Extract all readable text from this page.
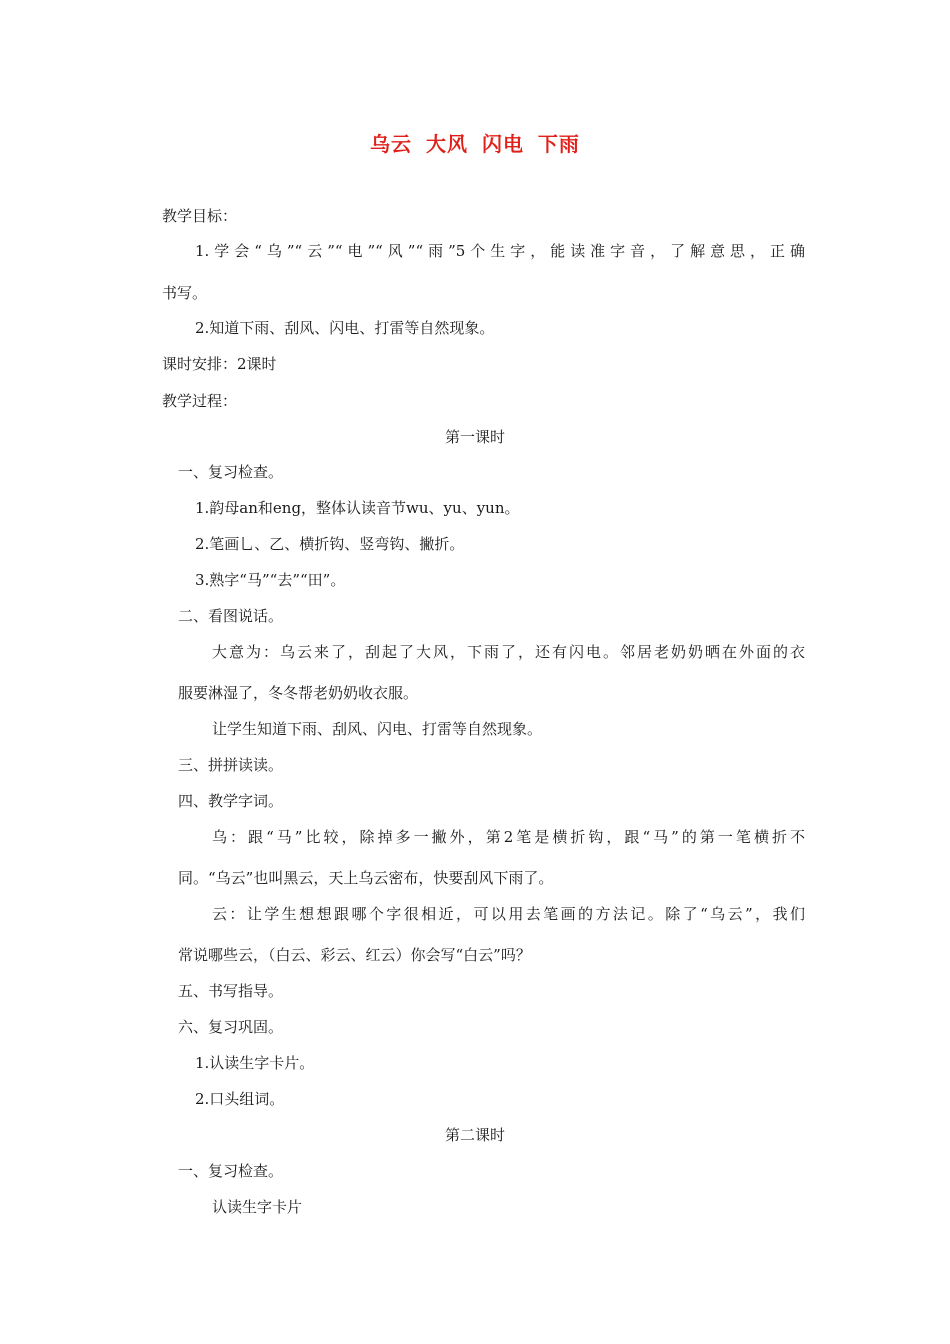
乌云 大风 闪电 下雨
教学目标：
1.学会“乌”“云”“电”“风”“雨”5个生字，能读准字音，了解意思，正确
书写。
2.知道下雨、刮风、闪电、打雷等自然现象。
课时安排：2课时
教学过程：
第一课时
一、复习检查。
1.韵母an和eng，整体认读音节wu、yu、yun。
2.笔画乚、乙、横折钩、竖弯钩、撇折。
3.熟字“马”“去”“田”。
二、看图说话。
大意为：乌云来了，刮起了大风，下雨了，还有闪电。邻居老奶奶晒在外面的衣
服要淋湿了，冬冬帮老奶奶收衣服。
让学生知道下雨、刮风、闪电、打雷等自然现象。
三、拼拼读读。
四、教学字词。
乌：跟“马”比较，除掉多一撇外，第2笔是横折钩，跟“马”的第一笔横折不
同。“乌云”也叫黑云，天上乌云密布，快要刮风下雨了。
云：让学生想想跟哪个字很相近，可以用去笔画的方法记。除了“乌云”，我们
常说哪些云，（白云、彩云、红云）你会写“白云”吗？
五、书写指导。
六、复习巩固。
1.认读生字卡片。
2.口头组词。
第二课时
一、复习检查。
认读生字卡片
